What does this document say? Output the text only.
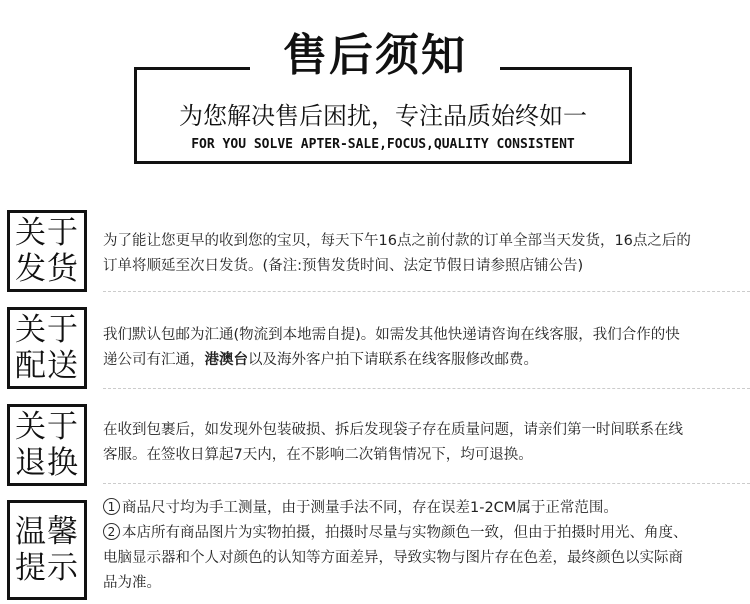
售后须知
为您解决售后困扰，专注品质始终如一
FOR YOU SOLVE APTER-SALE,FOCUS,QUALITY CONSISTENT
关于
发货

为了能让您更早的收到您的宝贝，每天下午16点之前付款的订单全部当天发货，16点之后的

订单将顺延至次日发货。(备注:预售发货时间、法定节假日请参照店铺公告)

关于
配送

我们默认包邮为汇通(物流到本地需自提)。如需发其他快递请咨询在线客服，我们合作的快

递公司有汇通，港澳台以及海外客户拍下请联系在线客服修改邮费。

关于
退换

在收到包裹后，如发现外包装破损、拆后发现袋子存在质量问题，请亲们第一时间联系在线

客服。在签收日算起7天内，在不影响二次销售情况下，均可退换。

温馨
提示

1 商品尺寸均为手工测量，由于测量手法不同，存在误差1-2CM属于正常范围。

2 本店所有商品图片为实物拍摄，拍摄时尽量与实物颜色一致，但由于拍摄时用光、角度、

电脑显示器和个人对颜色的认知等方面差异，导致实物与图片存在色差，最终颜色以实际商

品为准。
